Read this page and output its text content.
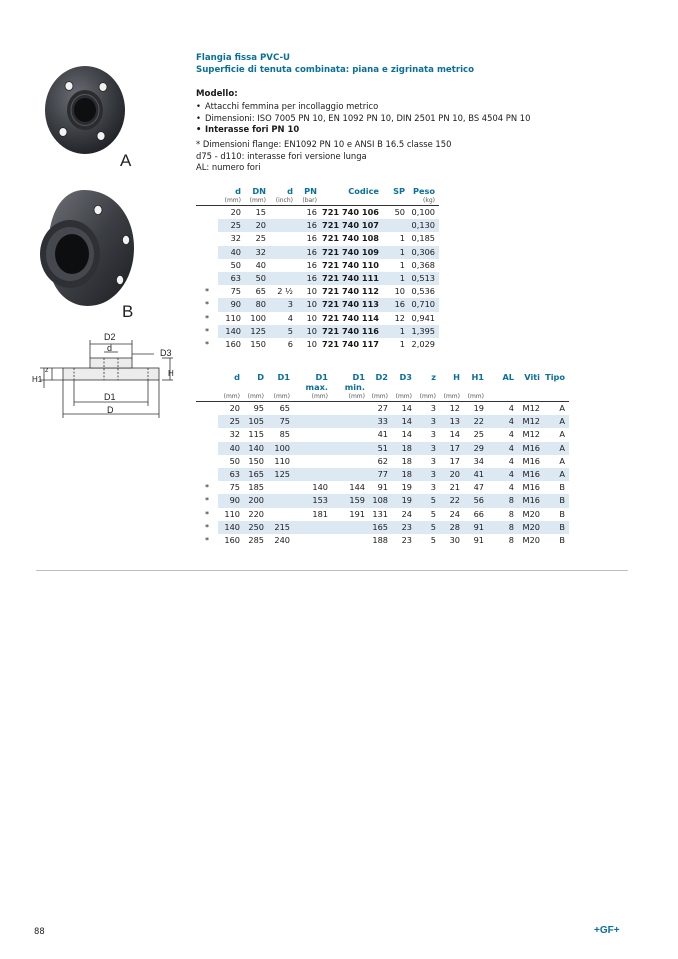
Flangia fissa PVC-U
Superficie di tenuta combinata: piana e zigrinata metrico
Modello:
• Attacchi femmina per incollaggio metrico
• Dimensioni: ISO 7005 PN 10, EN 1092 PN 10, DIN 2501 PN 10, BS 4504 PN 10
• Interasse fori PN 10
* Dimensioni flange: EN1092 PN 10 e ANSI B 16.5 classe 150
d75 - d110: interasse fori versione lunga
AL: numero fori
A
B
D2
d	D3
H
H1
z
D1
D
	d	DN	d	PN	Codice	SP	Peso
	(mm)	(mm)	(inch)	(bar)			(kg)
	20	15		16	721 740 106	50	0,100
	25	20		16	721 740 107		0,130
	32	25		16	721 740 108	1	0,185
	40	32		16	721 740 109	1	0,306
	50	40		16	721 740 110	1	0,368
	63	50		16	721 740 111	1	0,513
*	75	65	2 ½	10	721 740 112	10	0,536
*	90	80	3	10	721 740 113	16	0,710
*	110	100	4	10	721 740 114	12	0,941
*	140	125	5	10	721 740 116	1	1,395
*	160	150	6	10	721 740 117	1	2,029
	d	D	D1	D1	D1	D2	D3	z	H	H1	AL	Viti	Tipo
				max.	min.								
	(mm)	(mm)	(mm)	(mm)	(mm)	(mm)	(mm)	(mm)	(mm)	(mm)			
	20	95	65			27	14	3	12	19	4	M12	A
	25	105	75			33	14	3	13	22	4	M12	A
	32	115	85			41	14	3	14	25	4	M12	A
	40	140	100			51	18	3	17	29	4	M16	A
	50	150	110			62	18	3	17	34	4	M16	A
	63	165	125			77	18	3	20	41	4	M16	A
*	75	185		140	144	91	19	3	21	47	4	M16	B
*	90	200		153	159	108	19	5	22	56	8	M16	B
*	110	220		181	191	131	24	5	24	66	8	M20	B
*	140	250	215			165	23	5	28	91	8	M20	B
*	160	285	240			188	23	5	30	91	8	M20	B
88	+GF+
